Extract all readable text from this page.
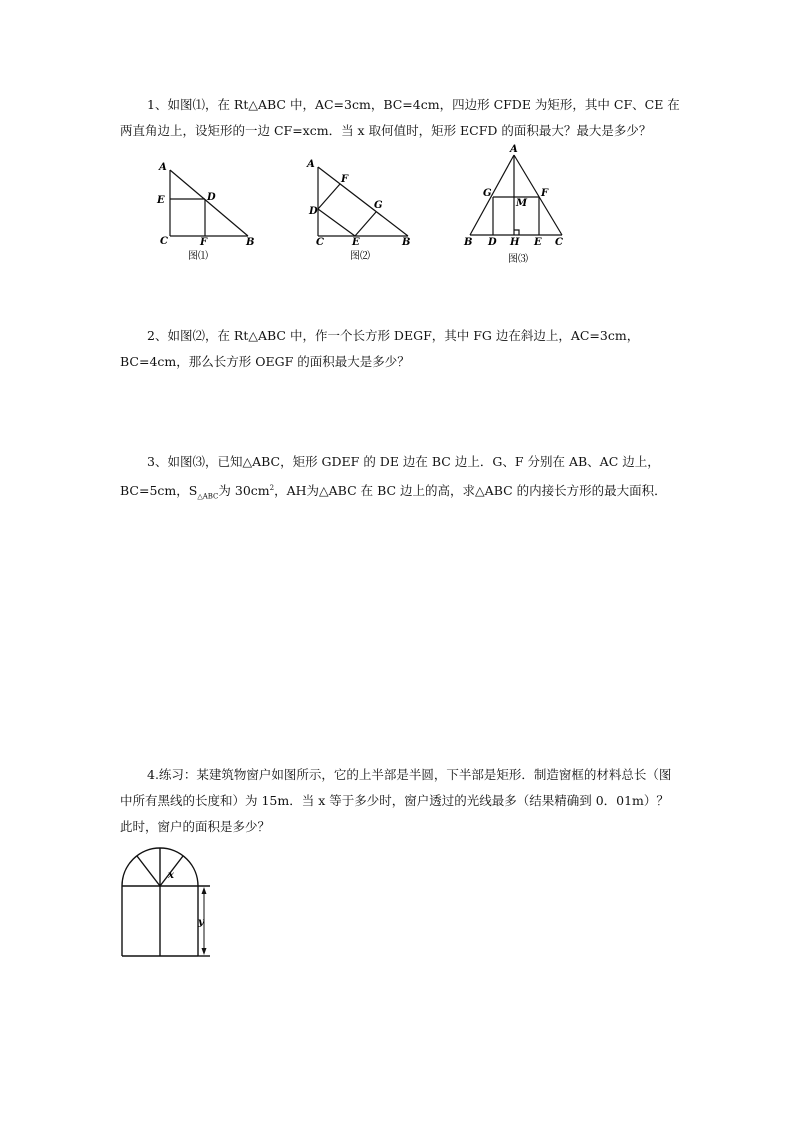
1、如图⑴，在 Rt△ABC 中，AC=3cm，BC=4cm，四边形 CFDE 为矩形，其中 CF、CE 在两直角边上，设矩形的一边 CF=xcm．当 x 取何值时，矩形 ECFD 的面积最大？最大是多少？

A
E	D
C	F	B
图⑴
A
F
G
D
C	E	B
图⑵
A
G	F
M
B D H E C
图⑶

2、如图⑵，在 Rt△ABC 中，作一个长方形 DEGF，其中 FG 边在斜边上，AC=3cm，BC=4cm，那么长方形 OEGF 的面积最大是多少？

3、如图⑶，已知△ABC，矩形 GDEF 的 DE 边在 BC 边上．G、F 分别在 AB、AC 边上，BC=5cm，$S_{\triangle ABC}$为 $30cm^2$，AH为△ABC 在 BC 边上的高，求△ABC 的内接长方形的最大面积．

4.练习：某建筑物窗户如图所示，它的上半部是半圆，下半部是矩形．制造窗框的材料总长（图中所有黑线的长度和）为 15m．当 x 等于多少时，窗户透过的光线最多（结果精确到 0．01m）？此时，窗户的面积是多少？

x
y
